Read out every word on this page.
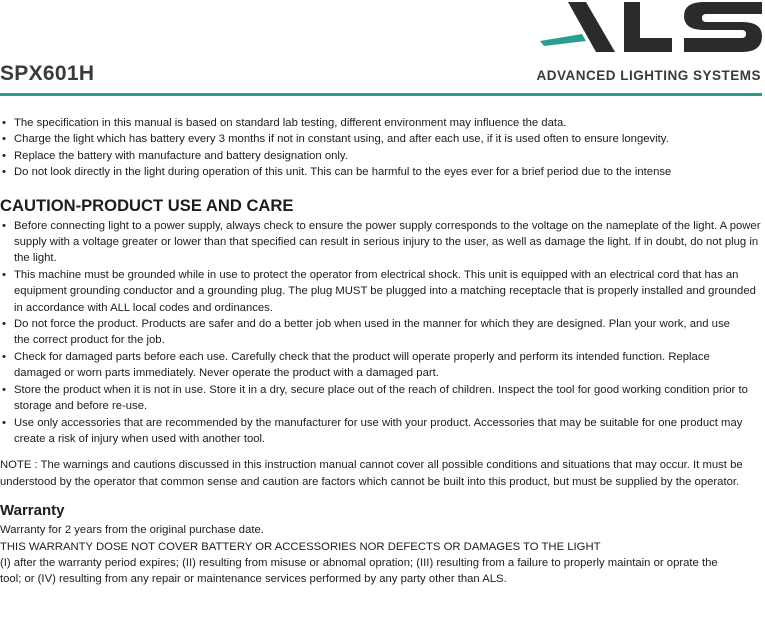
SPX601H	ADVANCED LIGHTING SYSTEMS
• The specification in this manual is based on standard lab testing, different environment may influence the data.
• Charge the light which has battery every 3 months if not in constant using, and after each use, if it is used often to ensure longevity.
• Replace the battery with manufacture and battery designation only.
• Do not look directly in the light during operation of this unit. This can be harmful to the eyes ever for a brief period due to the intense
CAUTION-PRODUCT USE AND CARE
• Before connecting light to a power supply, always check to ensure the power supply corresponds to the voltage on the nameplate of the light. A power supply with a voltage greater or lower than that specified can result in serious injury to the user, as well as damage the light. If in doubt, do not plug in the light.
• This machine must be grounded while in use to protect the operator from electrical shock. This unit is equipped with an electrical cord that has an equipment grounding conductor and a grounding plug. The plug MUST be plugged into a matching receptacle that is properly installed and grounded in accordance with ALL local codes and ordinances.
• Do not force the product. Products are safer and do a better job when used in the manner for which they are designed. Plan your work, and use the correct product for the job.
• Check for damaged parts before each use. Carefully check that the product will operate properly and perform its intended function. Replace damaged or worn parts immediately. Never operate the product with a damaged part.
• Store the product when it is not in use. Store it in a dry, secure place out of the reach of children. Inspect the tool for good working condition prior to storage and before re-use.
• Use only accessories that are recommended by the manufacturer for use with your product. Accessories that may be suitable for one product may create a risk of injury when used with another tool.

NOTE : The warnings and cautions discussed in this instruction manual cannot cover all possible conditions and situations that may occur. It must be understood by the operator that common sense and caution are factors which cannot be built into this product, but must be supplied by the operator.

Warranty

Warranty for 2 years from the original purchase date.

THIS WARRANTY DOSE NOT COVER BATTERY OR ACCESSORIES NOR DEFECTS OR DAMAGES TO THE LIGHT

(I) after the warranty period expires; (II) resulting from misuse or abnomal opration; (III) resulting from a failure to properly maintain or oprate the tool; or (IV) resulting from any repair or maintenance services performed by any party other than ALS.
